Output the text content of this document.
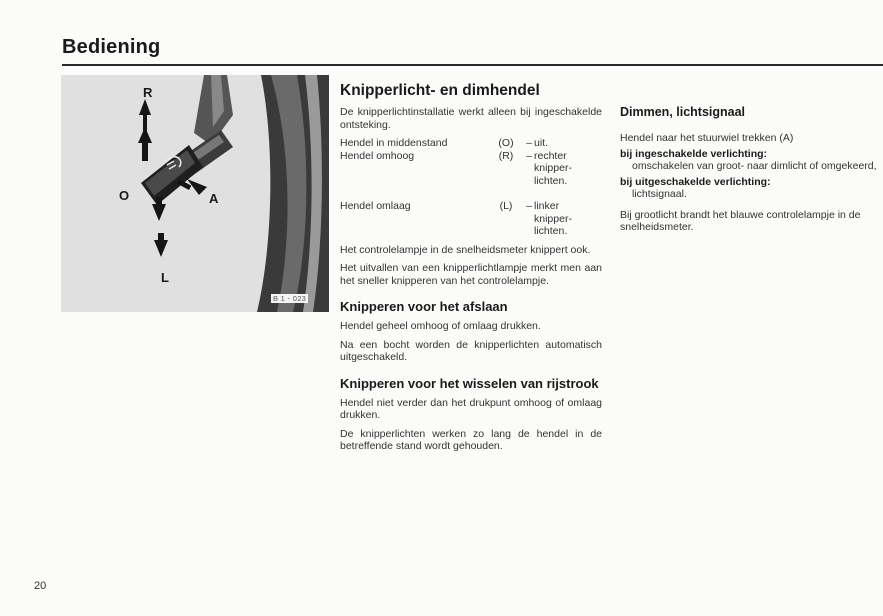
Bediening
R
O	A
L
B 1 - 023
Knipperlicht- en dimhendel

De knipperlichtinstallatie werkt alleen bij ingeschakelde ontsteking.

Hendel in middenstand	(O)	–	uit.
Hendel omhoog	(R)	–	rechter knipper-lichten.
Hendel omlaag	(L)	–	linker knipper-lichten.

Het controlelampje in de snelheidsmeter knippert ook.

Het uitvallen van een knipperlichtlampje merkt men aan het sneller knipperen van het controlelampje.

Knipperen voor het afslaan

Hendel geheel omhoog of omlaag drukken.

Na een bocht worden de knipperlichten automatisch uitgeschakeld.

Knipperen voor het wisselen van rijstrook

Hendel niet verder dan het drukpunt omhoog of omlaag drukken.

De knipperlichten werken zo lang de hendel in de betreffende stand wordt gehouden.

Dimmen, lichtsignaal
Hendel naar het stuurwiel trekken (A)
bij ingeschakelde verlichting:
omschakelen van groot- naar dimlicht of omgekeerd,
bij uitgeschakelde verlichting:
lichtsignaal.
Bij grootlicht brandt het blauwe controlelampje in de snelheidsmeter.
20
